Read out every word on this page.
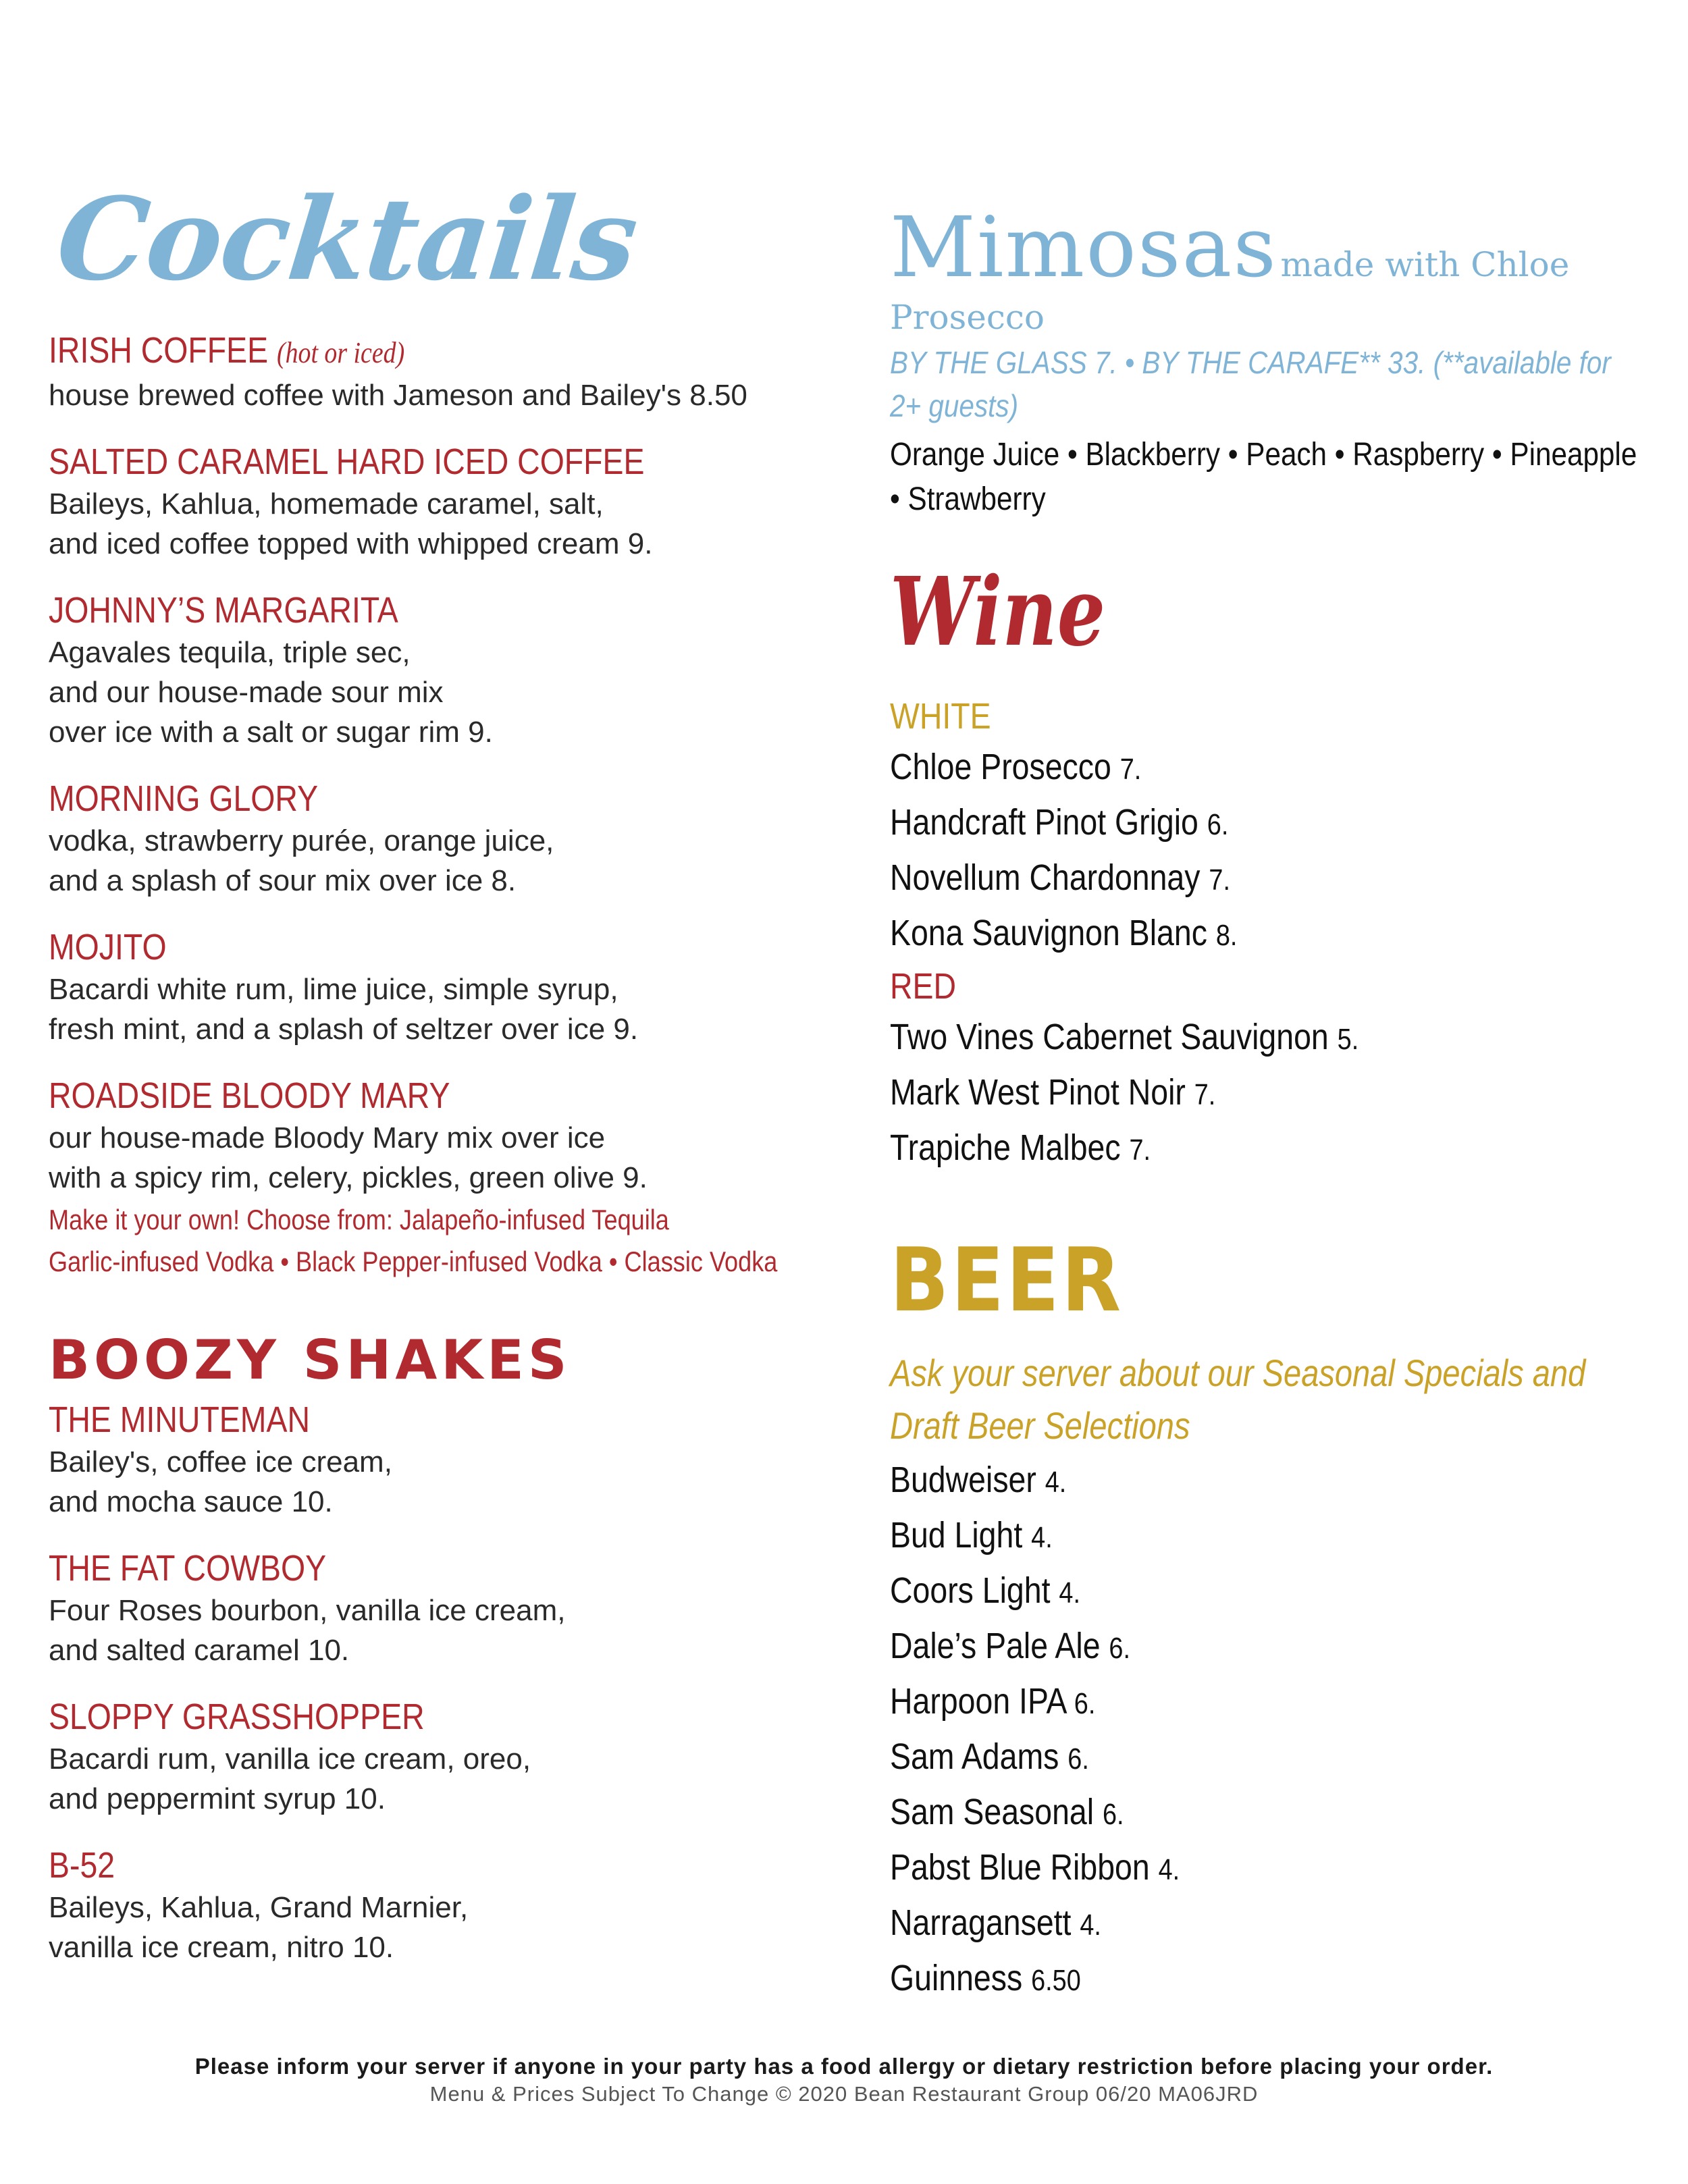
Cocktails
IRISH COFFEE (hot or iced)
house brewed coffee with Jameson and Bailey's 8.50
SALTED CARAMEL HARD ICED COFFEE
Baileys, Kahlua, homemade caramel, salt,
and iced coffee topped with whipped cream 9.
JOHNNY’S MARGARITA
Agavales tequila, triple sec,
and our house-made sour mix
over ice with a salt or sugar rim 9.
MORNING GLORY
vodka, strawberry purée, orange juice,
and a splash of sour mix over ice 8.
MOJITO
Bacardi white rum, lime juice, simple syrup,
fresh mint, and a splash of seltzer over ice 9.
ROADSIDE BLOODY MARY
our house-made Bloody Mary mix over ice
with a spicy rim, celery, pickles, green olive 9.
Make it your own! Choose from: Jalapeño-infused Tequila
Garlic-infused Vodka • Black Pepper-infused Vodka • Classic Vodka
BOOZY SHAKES
THE MINUTEMAN
Bailey's, coffee ice cream,
and mocha sauce 10.
THE FAT COWBOY
Four Roses bourbon, vanilla ice cream,
and salted caramel 10.
SLOPPY GRASSHOPPER
Bacardi rum, vanilla ice cream, oreo,
and peppermint syrup 10.
B-52
Baileys, Kahlua, Grand Marnier,
vanilla ice cream, nitro 10.
Mimosas made with Chloe
Prosecco
BY THE GLASS 7. • BY THE CARAFE** 33. (**available for 2+ guests)
Orange Juice • Blackberry • Peach • Raspberry • Pineapple • Strawberry
Wine
WHITE
Chloe Prosecco 7.
Handcraft Pinot Grigio 6.
Novellum Chardonnay 7.
Kona Sauvignon Blanc 8.
RED
Two Vines Cabernet Sauvignon 5.
Mark West Pinot Noir 7.
Trapiche Malbec 7.
BEER
Ask your server about our Seasonal Specials and Draft Beer Selections
Budweiser 4.
Bud Light 4.
Coors Light 4.
Dale’s Pale Ale 6.
Harpoon IPA 6.
Sam Adams 6.
Sam Seasonal 6.
Pabst Blue Ribbon 4.
Narragansett 4.
Guinness 6.50
Please inform your server if anyone in your party has a food allergy or dietary restriction before placing your order.
Menu & Prices Subject To Change © 2020 Bean Restaurant Group 06/20 MA06JRD
